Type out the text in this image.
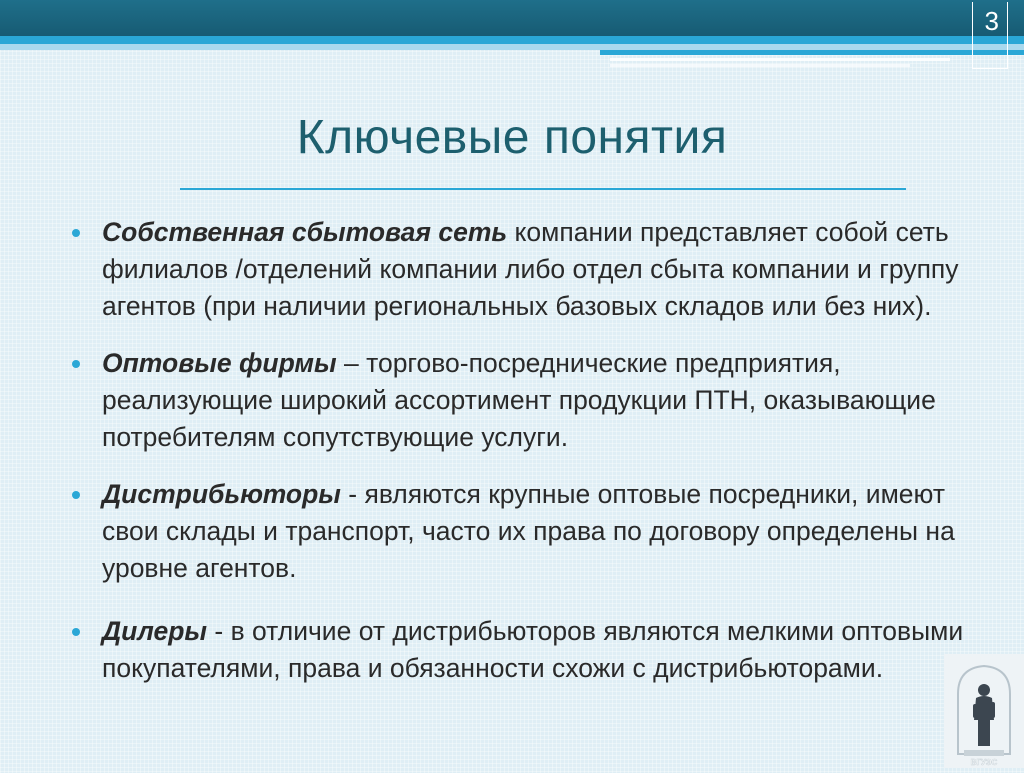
3
Ключевые понятия
Собственная сбытовая сеть компании представляет собой сеть филиалов /отделений компании либо отдел сбыта компании и группу агентов (при наличии региональных базовых складов или без них).
Оптовые фирмы – торгово-посреднические предприятия, реализующие широкий ассортимент продукции ПТН, оказывающие потребителям сопутствующие услуги.
Дистрибьюторы - являются крупные оптовые посредники, имеют свои склады и транспорт, часто их права по договору определены на уровне агентов.
Дилеры - в отличие от дистрибьюторов являются мелкими оптовыми покупателями, права и обязанности схожи с дистрибьюторами.
ВГУЭС
